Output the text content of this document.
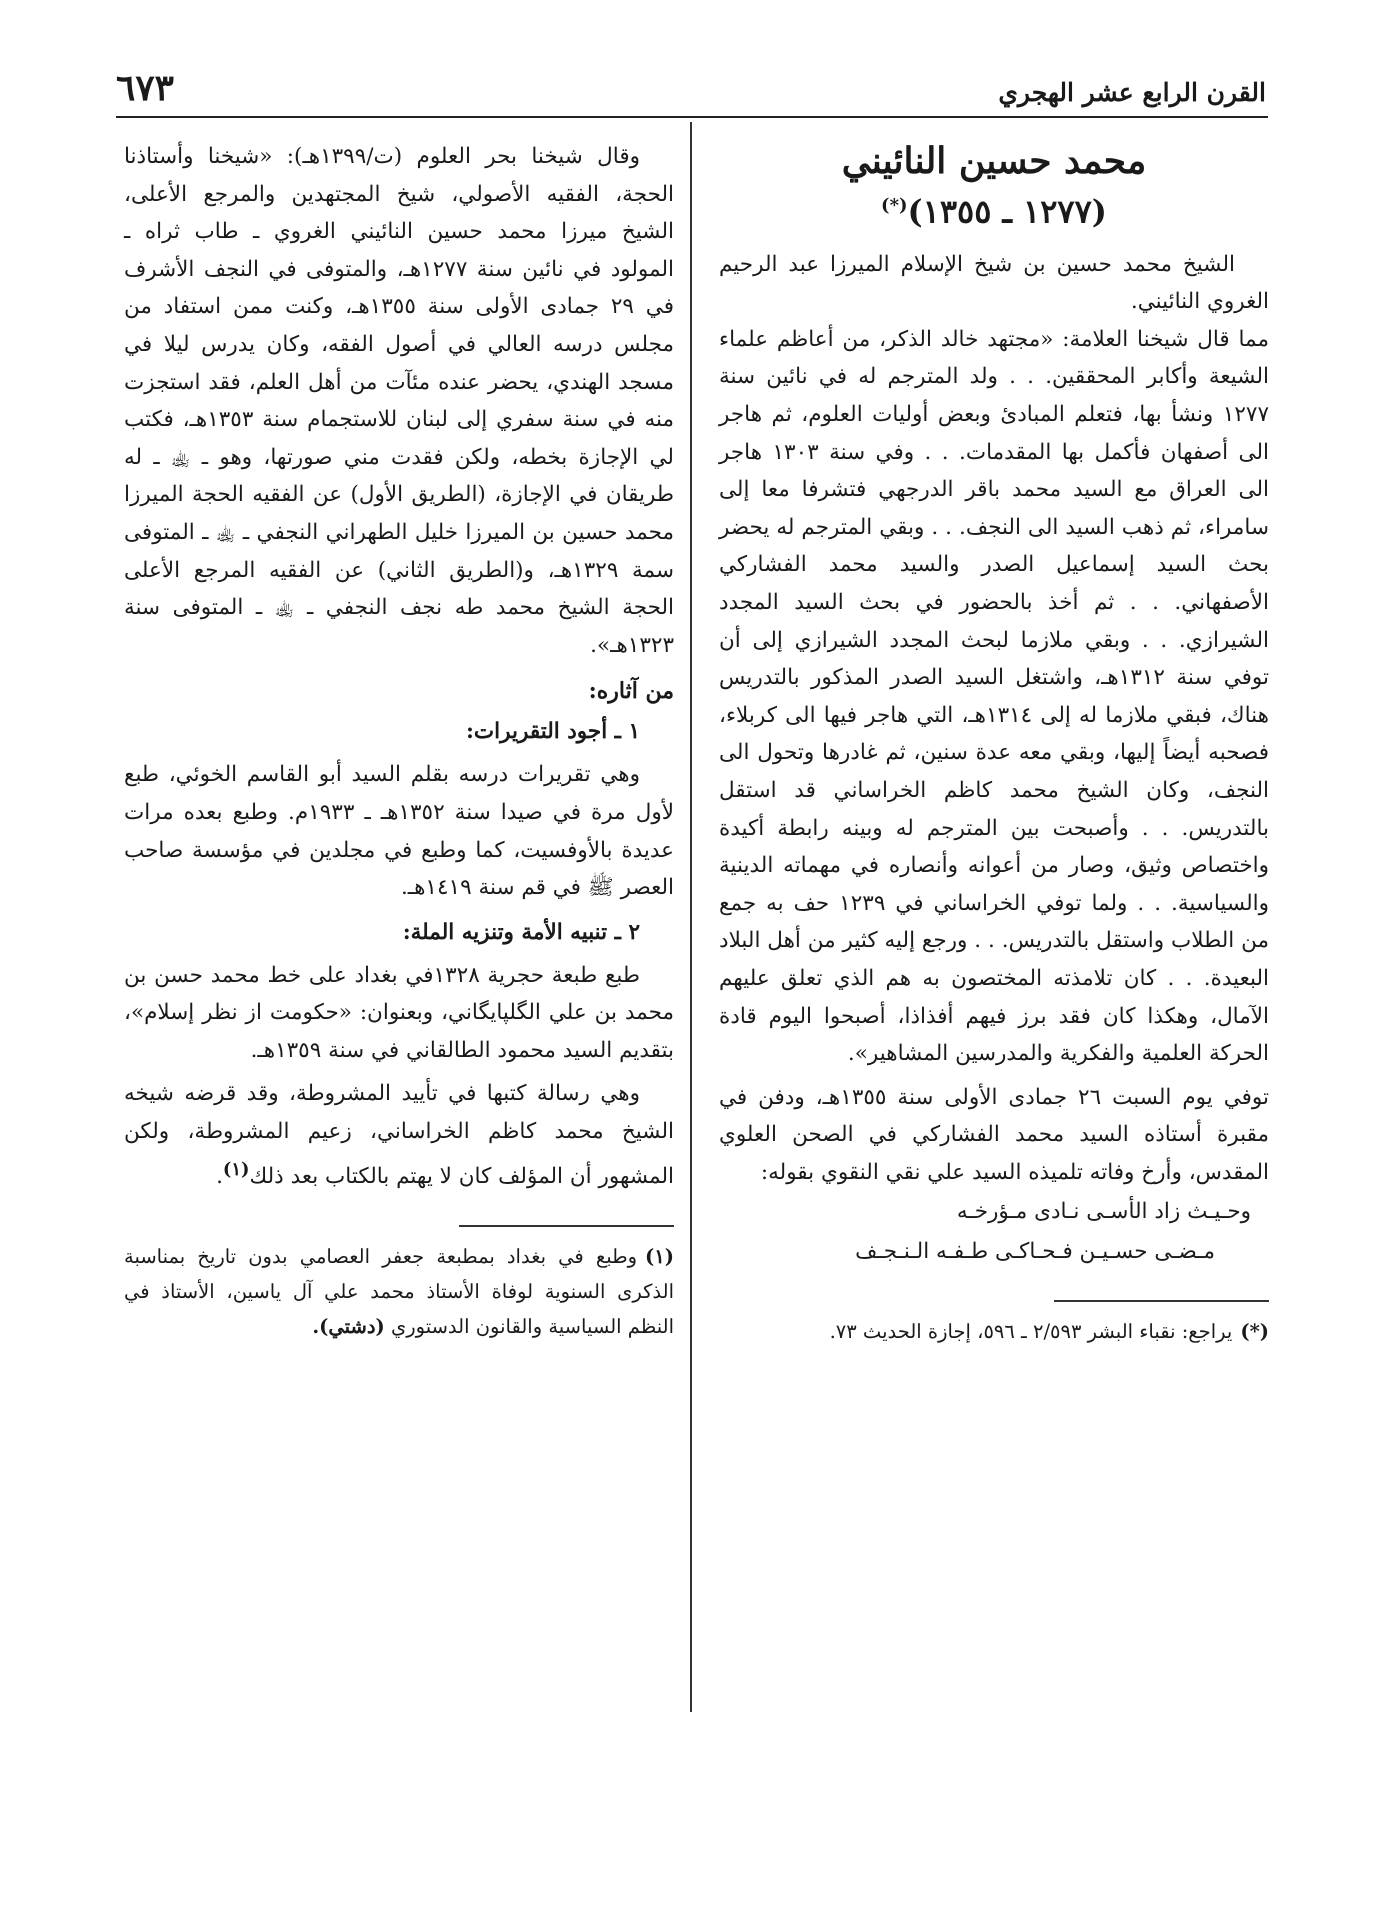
القرن الرابع عشر الهجري
٦٧٣
محمد حسين النائيني
(١٢٧٧ ـ ١٣٥٥)(*)

الشيخ محمد حسين بن شيخ الإسلام الميرزا عبد الرحيم الغروي النائيني.

مما قال شيخنا العلامة: «مجتهد خالد الذكر، من أعاظم علماء الشيعة وأكابر المحققين. . . ولد المترجم له في نائين سنة ١٢٧٧ ونشأ بها، فتعلم المبادئ وبعض أوليات العلوم، ثم هاجر الى أصفهان فأكمل بها المقدمات. . . وفي سنة ١٣٠٣ هاجر الى العراق مع السيد محمد باقر الدرجهي فتشرفا معا إلى سامراء، ثم ذهب السيد الى النجف. . . وبقي المترجم له يحضر بحث السيد إسماعيل الصدر والسيد محمد الفشاركي الأصفهاني. . . ثم أخذ بالحضور في بحث السيد المجدد الشيرازي. . . وبقي ملازما لبحث المجدد الشيرازي إلى أن توفي سنة ١٣١٢هـ، واشتغل السيد الصدر المذكور بالتدريس هناك، فبقي ملازما له إلى ١٣١٤هـ، التي هاجر فيها الى كربلاء، فصحبه أيضاً إليها، وبقي معه عدة سنين، ثم غادرها وتحول الى النجف، وكان الشيخ محمد كاظم الخراساني قد استقل بالتدريس. . . وأصبحت بين المترجم له وبينه رابطة أكيدة واختصاص وثيق، وصار من أعوانه وأنصاره في مهماته الدينية والسياسية. . . ولما توفي الخراساني في ١٢٣٩ حف به جمع من الطلاب واستقل بالتدريس. . . ورجع إليه كثير من أهل البلاد البعيدة. . . كان تلامذته المختصون به هم الذي تعلق عليهم الآمال، وهكذا كان فقد برز فيهم أفذاذا، أصبحوا اليوم قادة الحركة العلمية والفكرية والمدرسين المشاهير».

توفي يوم السبت ٢٦ جمادى الأولى سنة ١٣٥٥هـ، ودفن في مقبرة أستاذه السيد محمد الفشاركي في الصحن العلوي المقدس، وأرخ وفاته تلميذه السيد علي نقي النقوي بقوله:

وحـيـث زاد الأسـى نـادى مـؤرخـه
مـضـى حسـيـن فـحـاكـى طـفـه الـنـجـف

(*)يراجع: نقباء البشر ٢/٥٩٣ ـ ٥٩٦، إجازة الحديث ٧٣.

وقال شيخنا بحر العلوم (ت/١٣٩٩هـ): «شيخنا وأستاذنا الحجة، الفقيه الأصولي، شيخ المجتهدين والمرجع الأعلى، الشيخ ميرزا محمد حسين النائيني الغروي ـ طاب ثراه ـ المولود في نائين سنة ١٢٧٧هـ، والمتوفى في النجف الأشرف في ٢٩ جمادى الأولى سنة ١٣٥٥هـ، وكنت ممن استفاد من مجلس درسه العالي في أصول الفقه، وكان يدرس ليلا في مسجد الهندي، يحضر عنده مئآت من أهل العلم، فقد استجزت منه في سنة سفري إلى لبنان للاستجمام سنة ١٣٥٣هـ، فكتب لي الإجازة بخطه، ولكن فقدت مني صورتها، وهو ـ ﵀ ـ له طريقان في الإجازة، (الطريق الأول) عن الفقيه الحجة الميرزا محمد حسين بن الميرزا خليل الطهراني النجفي ـ ﵀ ـ المتوفى سمة ١٣٢٩هـ، و(الطريق الثاني) عن الفقيه المرجع الأعلى الحجة الشيخ محمد طه نجف النجفي ـ ﵀ ـ المتوفى سنة ١٣٢٣هـ».

من آثاره:
١ ـ أجود التقريرات:

وهي تقريرات درسه بقلم السيد أبو القاسم الخوئي، طبع لأول مرة في صيدا سنة ١٣٥٢هـ ـ ١٩٣٣م. وطبع بعده مرات عديدة بالأوفسيت، كما وطبع في مجلدين في مؤسسة صاحب العصر ﷺ في قم سنة ١٤١٩هـ.

٢ ـ تنبيه الأمة وتنزيه الملة:

طبع طبعة حجرية ١٣٢٨في بغداد على خط محمد حسن بن محمد بن علي الگلپايگاني، وبعنوان: «حكومت از نظر إسلام»، بتقديم السيد محمود الطالقاني في سنة ١٣٥٩هـ.

وهي رسالة كتبها في تأييد المشروطة، وقد قرضه شيخه الشيخ محمد كاظم الخراساني، زعيم المشروطة، ولكن المشهور أن المؤلف كان لا يهتم بالكتاب بعد ذلك$^{(١)}$.

(١)وطبع في بغداد بمطبعة جعفر العصامي بدون تاريخ بمناسبة الذكرى السنوية لوفاة الأستاذ محمد علي آل ياسين، الأستاذ في النظم السياسية والقانون الدستوري (دشتي).
